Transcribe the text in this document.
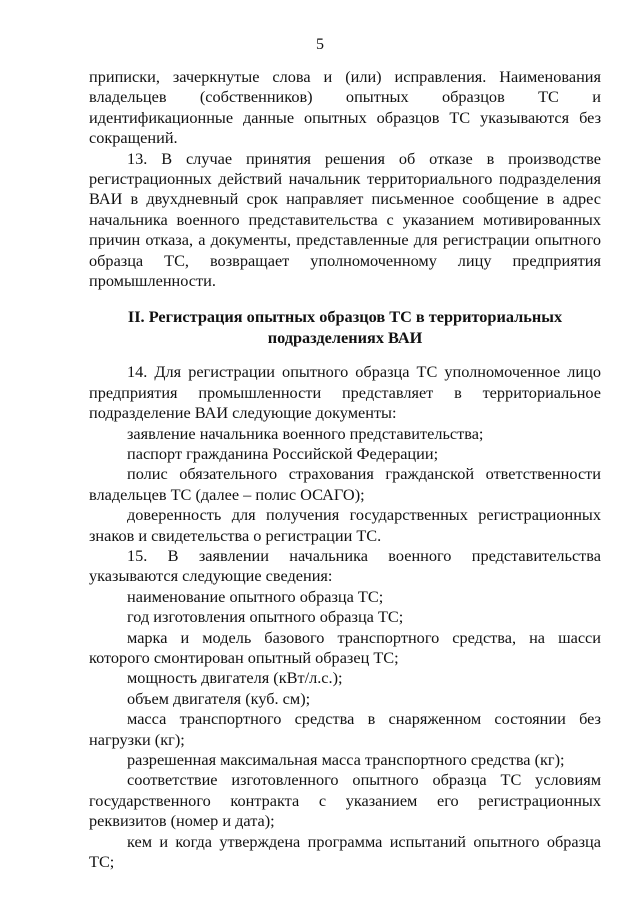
5

приписки, зачеркнутые слова и (или) исправления. Наименования владельцев (собственников) опытных образцов ТС и идентификационные данные опытных образцов ТС указываются без сокращений.

13. В случае принятия решения об отказе в производстве регистрационных действий начальник территориального подразделения ВАИ в двухдневный срок направляет письменное сообщение в адрес начальника военного представительства с указанием мотивированных причин отказа, а документы, представленные для регистрации опытного образца ТС, возвращает уполномоченному лицу предприятия промышленности.

II. Регистрация опытных образцов ТС в территориальных подразделениях ВАИ

14. Для регистрации опытного образца ТС уполномоченное лицо предприятия промышленности представляет в территориальное подразделение ВАИ следующие документы:

заявление начальника военного представительства;

паспорт гражданина Российской Федерации;

полис обязательного страхования гражданской ответственности владельцев ТС (далее – полис ОСАГО);

доверенность для получения государственных регистрационных знаков и свидетельства о регистрации ТС.

15. В заявлении начальника военного представительства указываются следующие сведения:

наименование опытного образца ТС;

год изготовления опытного образца ТС;

марка и модель базового транспортного средства, на шасси которого смонтирован опытный образец ТС;

мощность двигателя (кВт/л.с.);

объем двигателя (куб. см);

масса транспортного средства в снаряженном состоянии без нагрузки (кг);

разрешенная максимальная масса транспортного средства (кг);

соответствие изготовленного опытного образца ТС условиям государственного контракта с указанием его регистрационных реквизитов (номер и дата);

кем и когда утверждена программа испытаний опытного образца ТС;
